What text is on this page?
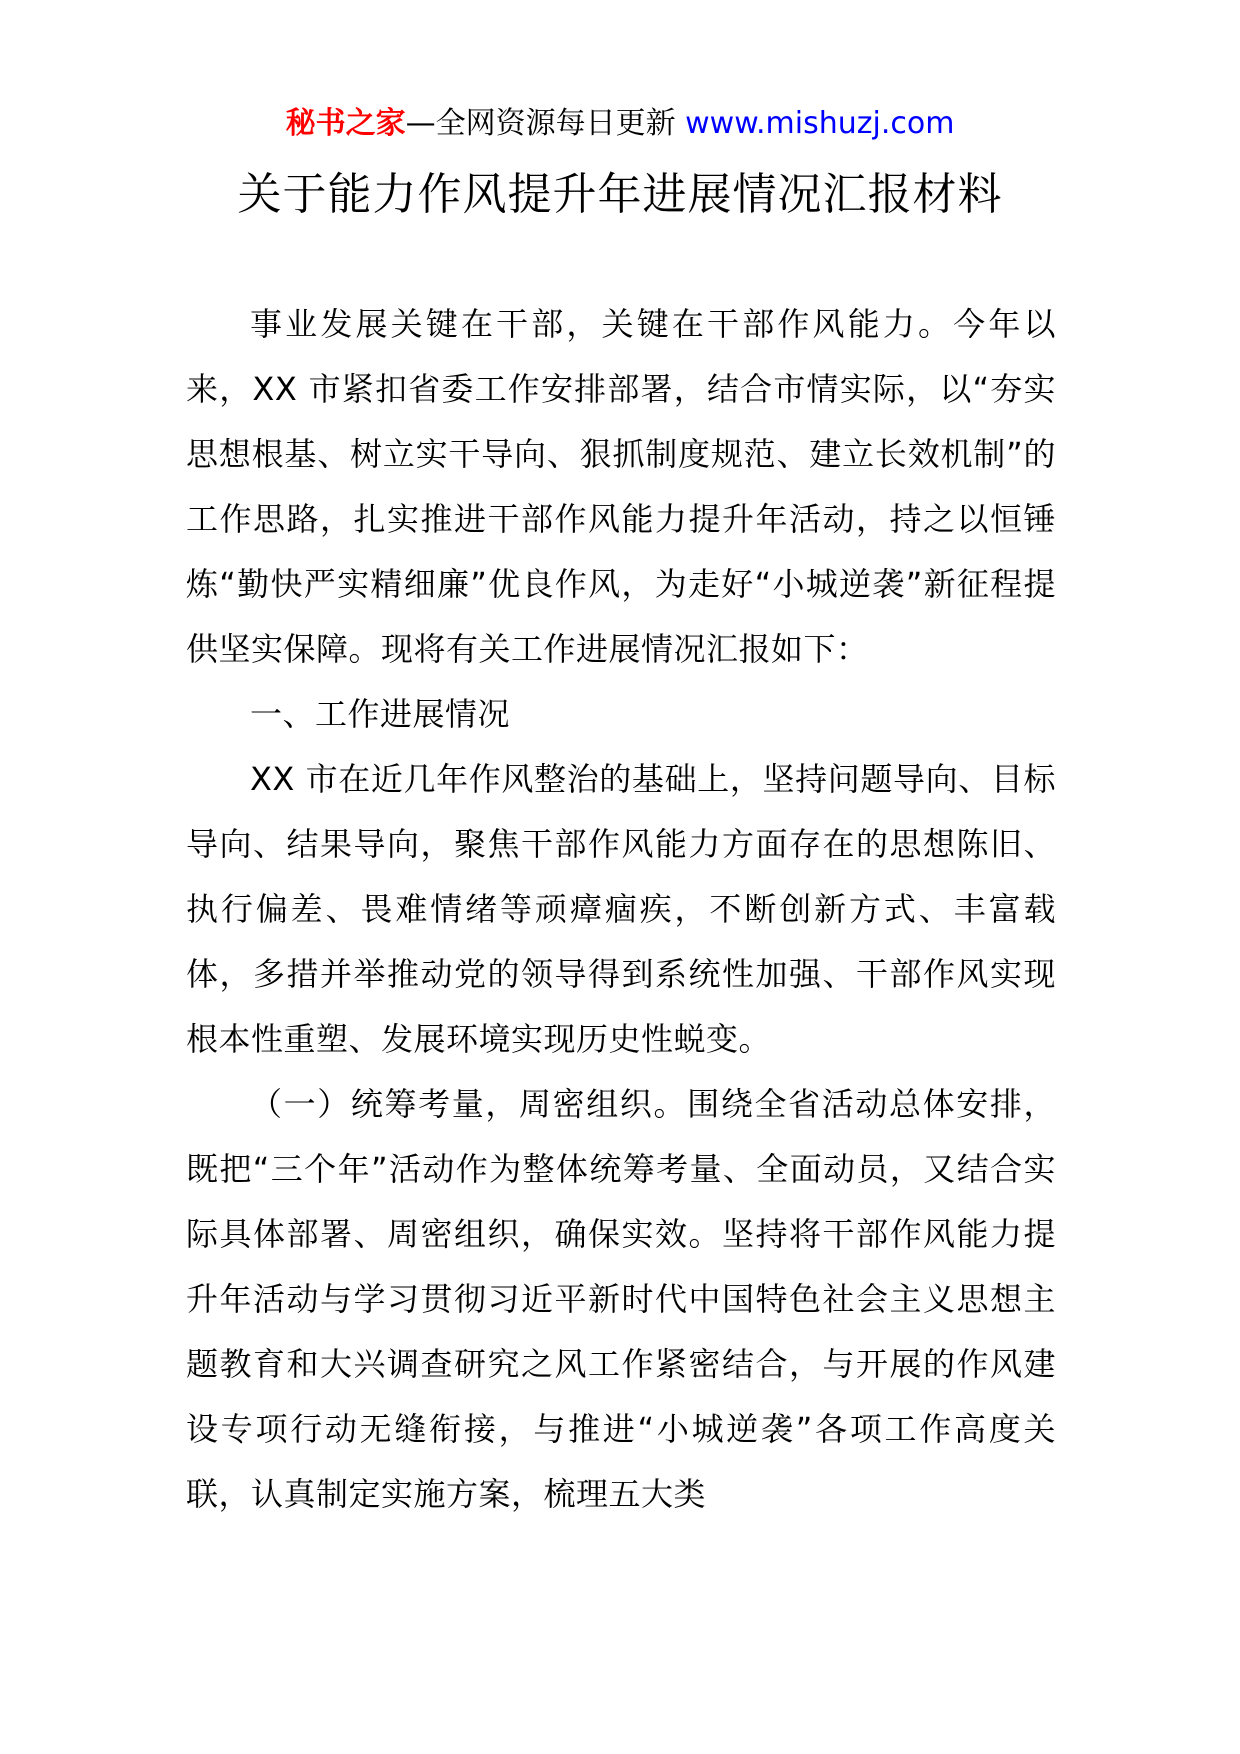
秘书之家—全网资源每日更新 www.mishuzj.com
关于能力作风提升年进展情况汇报材料

事业发展关键在干部，关键在干部作风能力。今年以来，XX 市紧扣省委工作安排部署，结合市情实际，以“夯实思想根基、树立实干导向、狠抓制度规范、建立长效机制”的工作思路，扎实推进干部作风能力提升年活动，持之以恒锤炼“勤快严实精细廉”优良作风，为走好“小城逆袭”新征程提供坚实保障。现将有关工作进展情况汇报如下：

一、工作进展情况

XX 市在近几年作风整治的基础上，坚持问题导向、目标导向、结果导向，聚焦干部作风能力方面存在的思想陈旧、执行偏差、畏难情绪等顽瘴痼疾，不断创新方式、丰富载体，多措并举推动党的领导得到系统性加强、干部作风实现根本性重塑、发展环境实现历史性蜕变。

（一）统筹考量，周密组织。围绕全省活动总体安排，既把“三个年”活动作为整体统筹考量、全面动员，又结合实际具体部署、周密组织，确保实效。坚持将干部作风能力提升年活动与学习贯彻习近平新时代中国特色社会主义思想主题教育和大兴调查研究之风工作紧密结合，与开展的作风建设专项行动无缝衔接，与推进“小城逆袭”各项工作高度关联，认真制定实施方案，梳理五大类
